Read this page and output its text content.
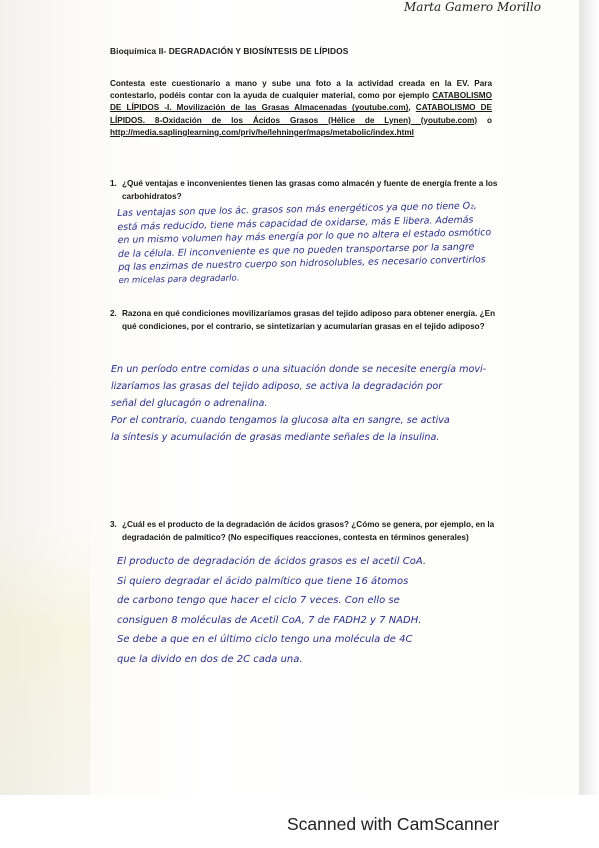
Marta Gamero Morillo
Bioquímica II- DEGRADACIÓN Y BIOSÍNTESIS DE LÍPIDOS
Contesta este cuestionario a mano y sube una foto a la actividad creada en la EV. Para contestarlo, podéis contar con la ayuda de cualquier material, como por ejemplo CATABOLISMO DE LÍPIDOS -I. Movilización de las Grasas Almacenadas (youtube.com), CATABOLISMO DE LÍPIDOS. 8-Oxidación de los Ácidos Grasos (Hélice de Lynen) (youtube.com) o http://media.saplinglearning.com/priv/he/lehninger/maps/metabolic/index.html
1. ¿Qué ventajas e inconvenientes tienen las grasas como almacén y fuente de energía frente a los carbohidratos?
Las ventajas son que los ác. grasos son más energéticos ya que no tiene O₂,
está más reducido, tiene más capacidad de oxidarse, más E libera. Además
en un mismo volumen hay más energía por lo que no altera el estado osmótico
de la célula. El inconveniente es que no pueden transportarse por la sangre
pq las enzimas de nuestro cuerpo son hidrosolubles, es necesario convertirlos
en micelas para degradarlo.
2. Razona en qué condiciones movilizaríamos grasas del tejido adiposo para obtener energía. ¿En qué condiciones, por el contrario, se sintetizarían y acumularían grasas en el tejido adiposo?
En un período entre comidas o una situación donde se necesite energía movi-
lizaríamos las grasas del tejido adiposo, se activa la degradación por
señal del glucagón o adrenalina.
Por el contrario, cuando tengamos la glucosa alta en sangre, se activa
la síntesis y acumulación de grasas mediante señales de la insulina.
3. ¿Cuál es el producto de la degradación de ácidos grasos? ¿Cómo se genera, por ejemplo, en la degradación de palmítico? (No especifiques reacciones, contesta en términos generales)
El producto de degradación de ácidos grasos es el acetil CoA.
Si quiero degradar el ácido palmítico que tiene 16 átomos
de carbono tengo que hacer el ciclo 7 veces. Con ello se
consiguen 8 moléculas de Acetil CoA, 7 de FADH2 y 7 NADH.
Se debe a que en el último ciclo tengo una molécula de 4C
que la divido en dos de 2C cada una.
Scanned with CamScanner
